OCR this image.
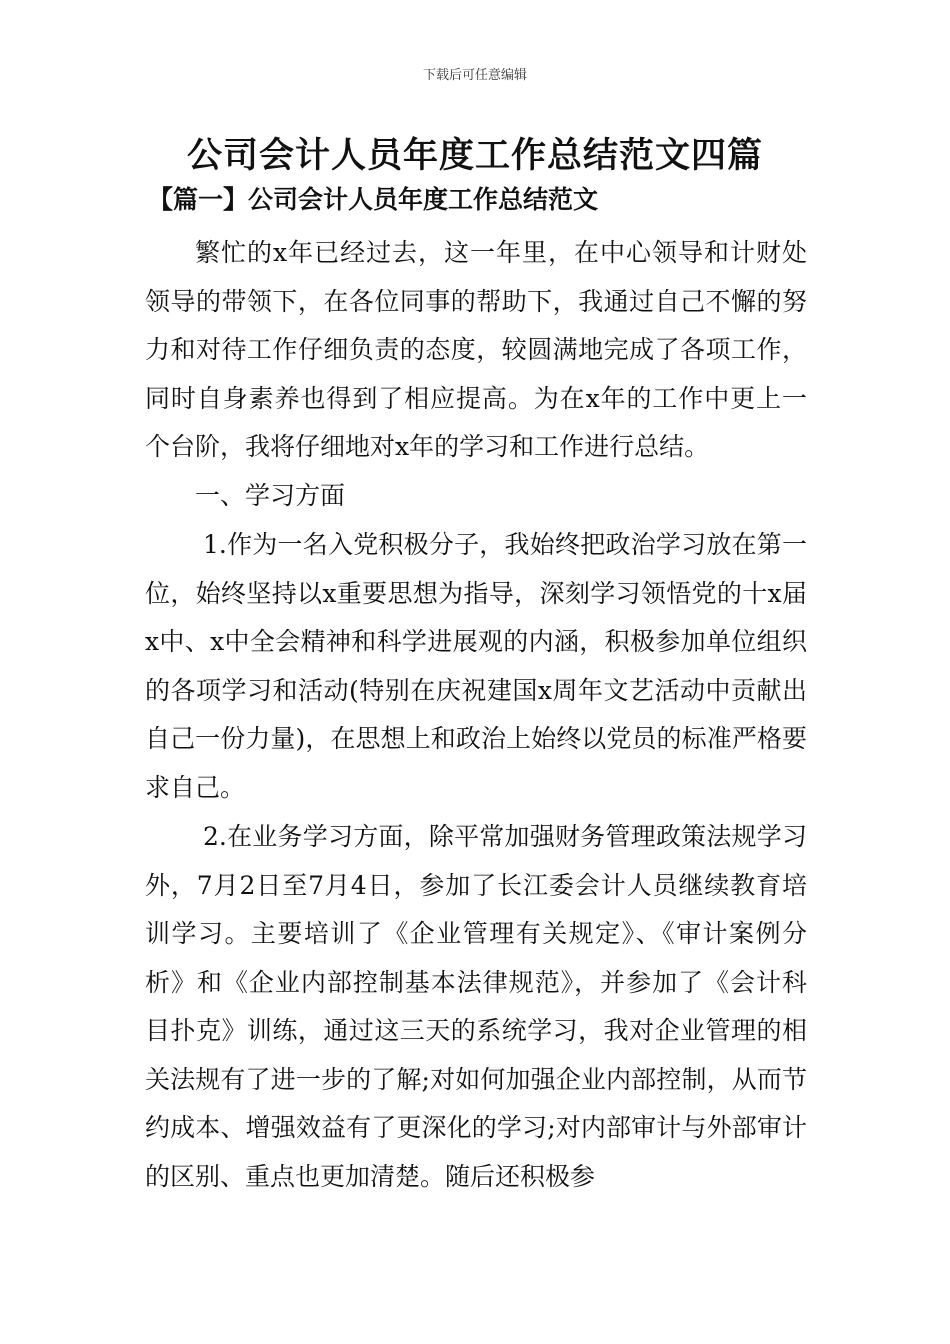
下载后可任意编辑
公司会计人员年度工作总结范文四篇
【篇一】公司会计人员年度工作总结范文

繁忙的x年已经过去，这一年里，在中心领导和计财处领导的带领下，在各位同事的帮助下，我通过自己不懈的努力和对待工作仔细负责的态度，较圆满地完成了各项工作，同时自身素养也得到了相应提高。为在x年的工作中更上一个台阶，我将仔细地对x年的学习和工作进行总结。

一、学习方面

1.作为一名入党积极分子，我始终把政治学习放在第一位，始终坚持以x重要思想为指导，深刻学习领悟党的十x届x中、x中全会精神和科学进展观的内涵，积极参加单位组织的各项学习和活动(特别在庆祝建国x周年文艺活动中贡献出自己一份力量)，在思想上和政治上始终以党员的标准严格要求自己。

2.在业务学习方面，除平常加强财务管理政策法规学习外，7月2日至7月4日，参加了长江委会计人员继续教育培训学习。主要培训了《企业管理有关规定》、《审计案例分析》和《企业内部控制基本法律规范》，并参加了《会计科目扑克》训练，通过这三天的系统学习，我对企业管理的相关法规有了进一步的了解;对如何加强企业内部控制，从而节约成本、增强效益有了更深化的学习;对内部审计与外部审计的区别、重点也更加清楚。随后还积极参
